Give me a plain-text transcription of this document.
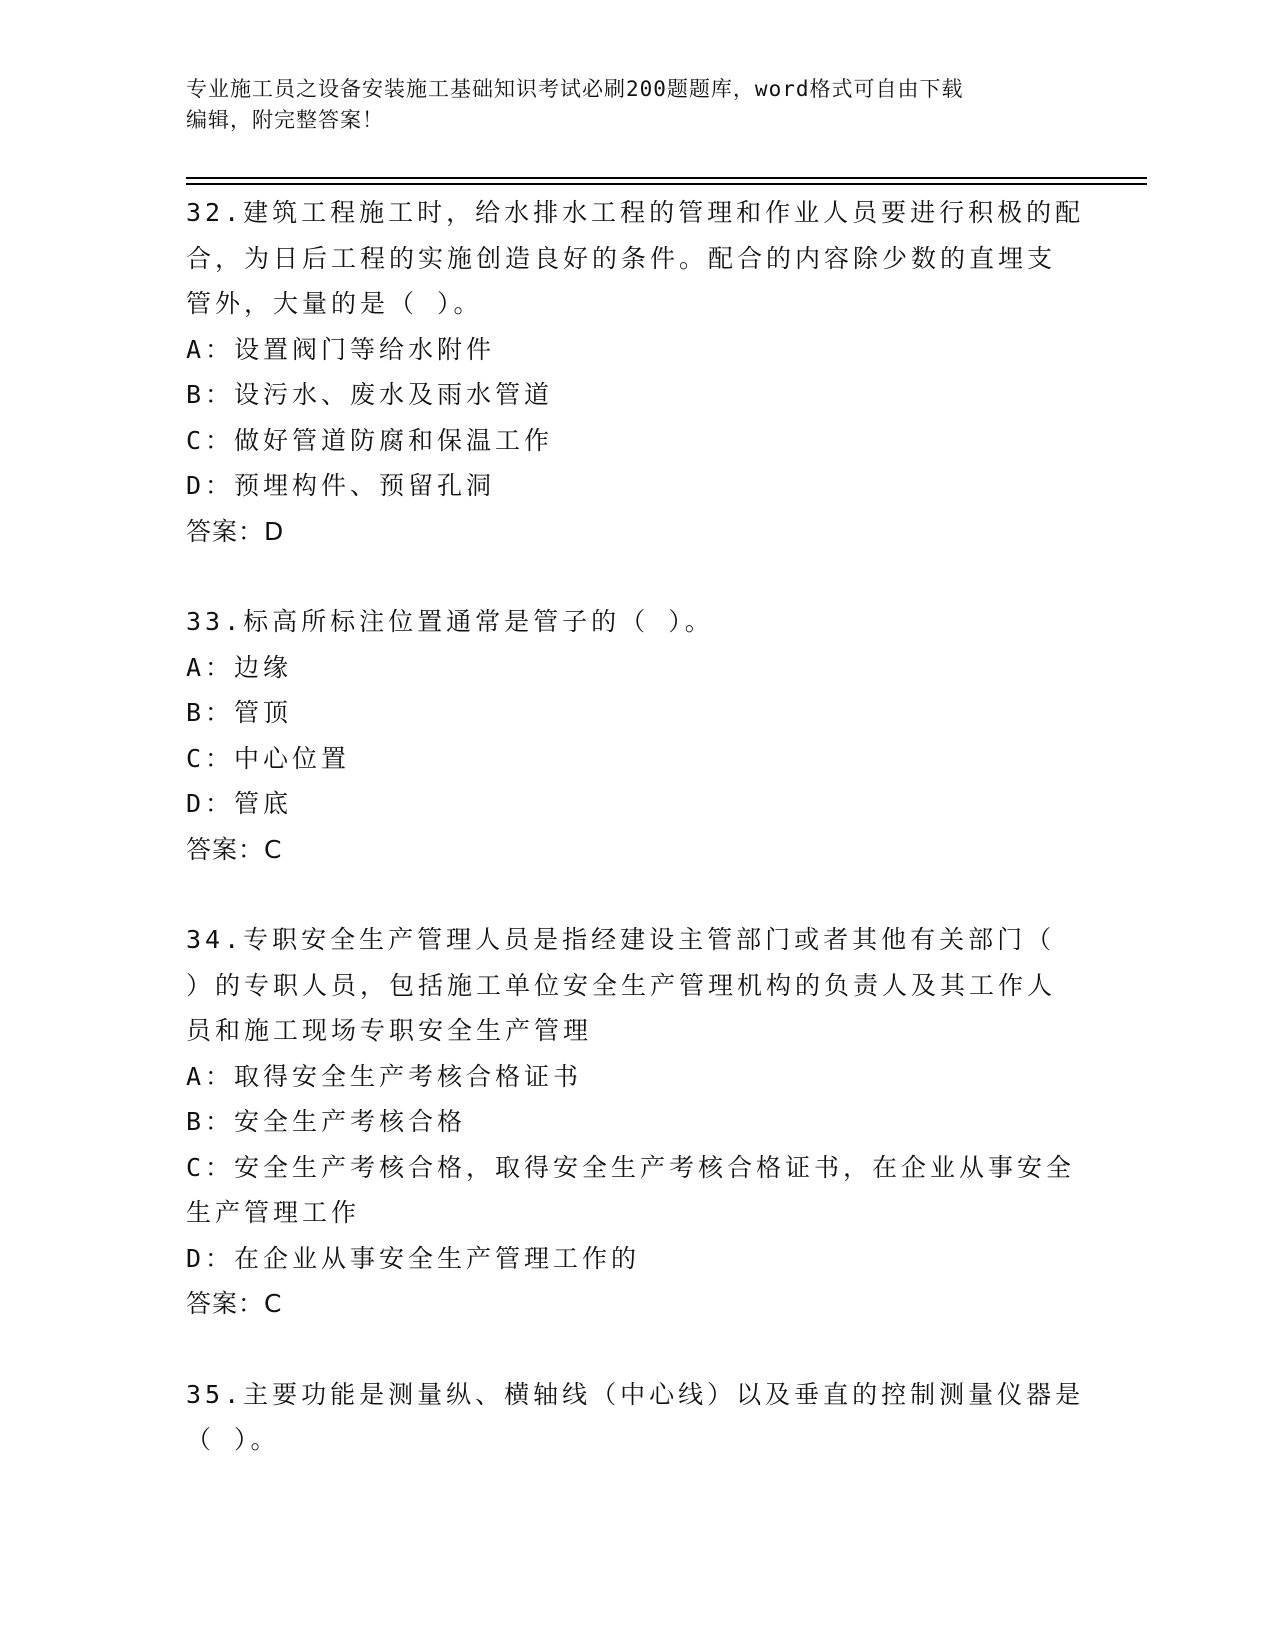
专业施工员之设备安装施工基础知识考试必刷200题题库，word格式可自由下载
编辑，附完整答案！
32.建筑工程施工时，给水排水工程的管理和作业人员要进行积极的配
合，为日后工程的实施创造良好的条件。配合的内容除少数的直埋支
管外，大量的是（ ）。
A：设置阀门等给水附件
B：设污水、废水及雨水管道
C：做好管道防腐和保温工作
D：预埋构件、预留孔洞
答案：D
33.标高所标注位置通常是管子的（ ）。
A：边缘
B：管顶
C：中心位置
D：管底
答案：C
34.专职安全生产管理人员是指经建设主管部门或者其他有关部门（
）的专职人员，包括施工单位安全生产管理机构的负责人及其工作人
员和施工现场专职安全生产管理
A：取得安全生产考核合格证书
B：安全生产考核合格
C：安全生产考核合格，取得安全生产考核合格证书，在企业从事安全
生产管理工作
D：在企业从事安全生产管理工作的
答案：C
35.主要功能是测量纵、横轴线（中心线）以及垂直的控制测量仪器是
（ ）。
